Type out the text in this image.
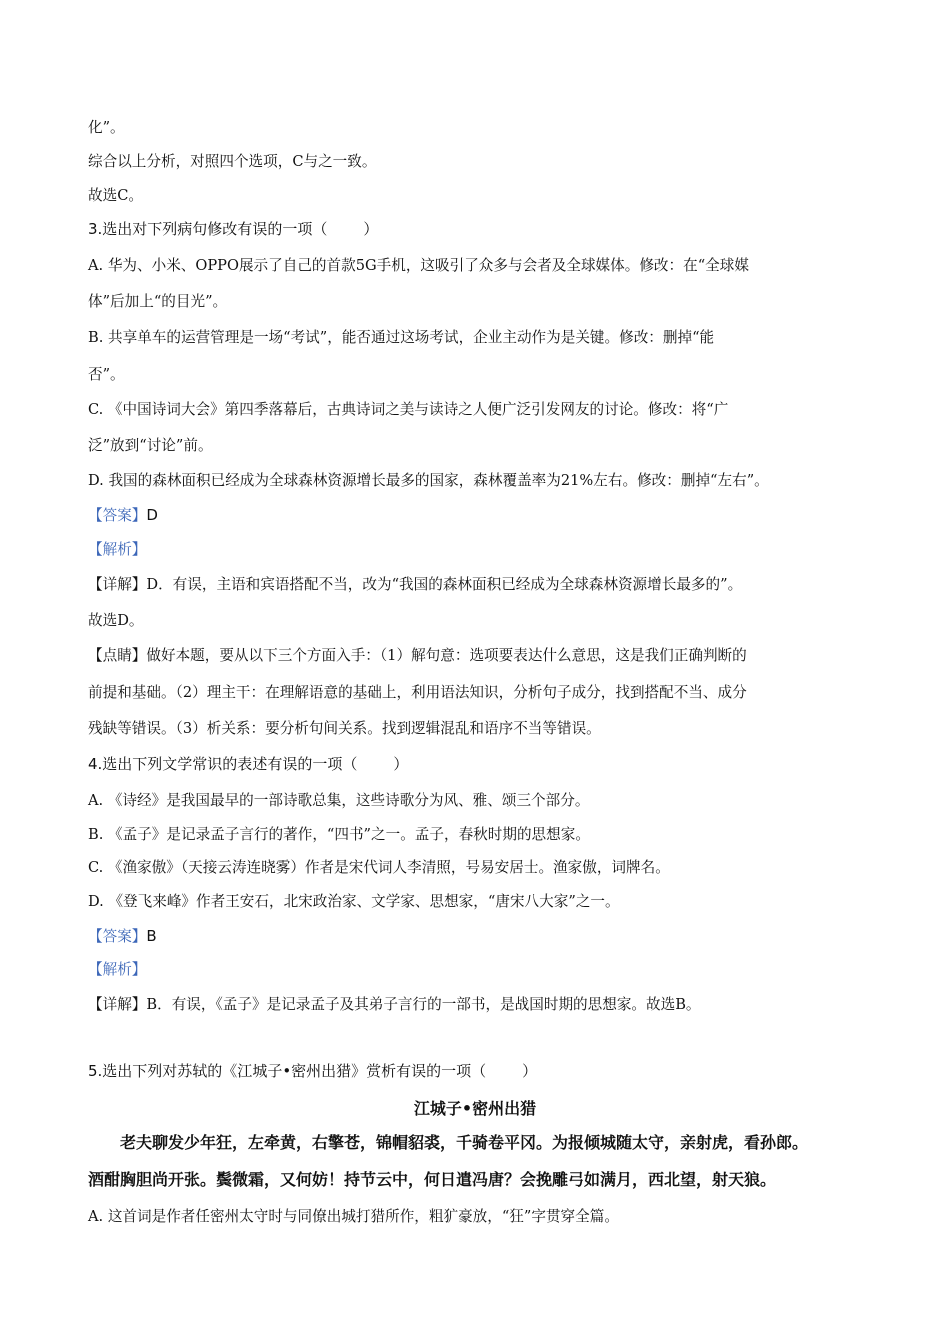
化”。
综合以上分析，对照四个选项，C与之一致。
故选C。
3.选出对下列病句修改有误的一项（ ）
A. 华为、小米、OPPO展示了自己的首款5G手机，这吸引了众多与会者及全球媒体。修改：在“全球媒
体”后加上“的目光”。
B. 共享单车的运营管理是一场“考试”，能否通过这场考试，企业主动作为是关键。修改：删掉“能
否”。
C. 《中国诗词大会》第四季落幕后，古典诗词之美与读诗之人便广泛引发网友的讨论。修改：将“广
泛”放到“讨论”前。
D. 我国的森林面积已经成为全球森林资源增长最多的国家，森林覆盖率为21%左右。修改：删掉“左右”。
【答案】D
【解析】
【详解】D．有误，主语和宾语搭配不当，改为“我国的森林面积已经成为全球森林资源增长最多的”。
故选D。
【点睛】做好本题，要从以下三个方面入手：（1）解句意：选项要表达什么意思，这是我们正确判断的
前提和基础。（2）理主干：在理解语意的基础上，利用语法知识，分析句子成分，找到搭配不当、成分
残缺等错误。（3）析关系：要分析句间关系。找到逻辑混乱和语序不当等错误。
4.选出下列文学常识的表述有误的一项（ ）
A. 《诗经》是我国最早的一部诗歌总集，这些诗歌分为风、雅、颂三个部分。
B. 《孟子》是记录孟子言行的著作，“四书”之一。孟子，春秋时期的思想家。
C. 《渔家傲》（天接云涛连晓雾）作者是宋代词人李清照，号易安居士。渔家傲，词牌名。
D. 《登飞来峰》作者王安石，北宋政治家、文学家、思想家，“唐宋八大家”之一。
【答案】B
【解析】
【详解】B．有误，《孟子》是记录孟子及其弟子言行的一部书，是战国时期的思想家。故选B。
5.选出下列对苏轼的《江城子•密州出猎》赏析有误的一项（ ）
江城子•密州出猎
老夫聊发少年狂，左牵黄，右擎苍，锦帽貂裘，千骑卷平冈。为报倾城随太守，亲射虎，看孙郎。
酒酣胸胆尚开张。鬓微霜，又何妨！持节云中，何日遣冯唐？会挽雕弓如满月，西北望，射天狼。
A. 这首词是作者任密州太守时与同僚出城打猎所作，粗犷豪放，“狂”字贯穿全篇。
